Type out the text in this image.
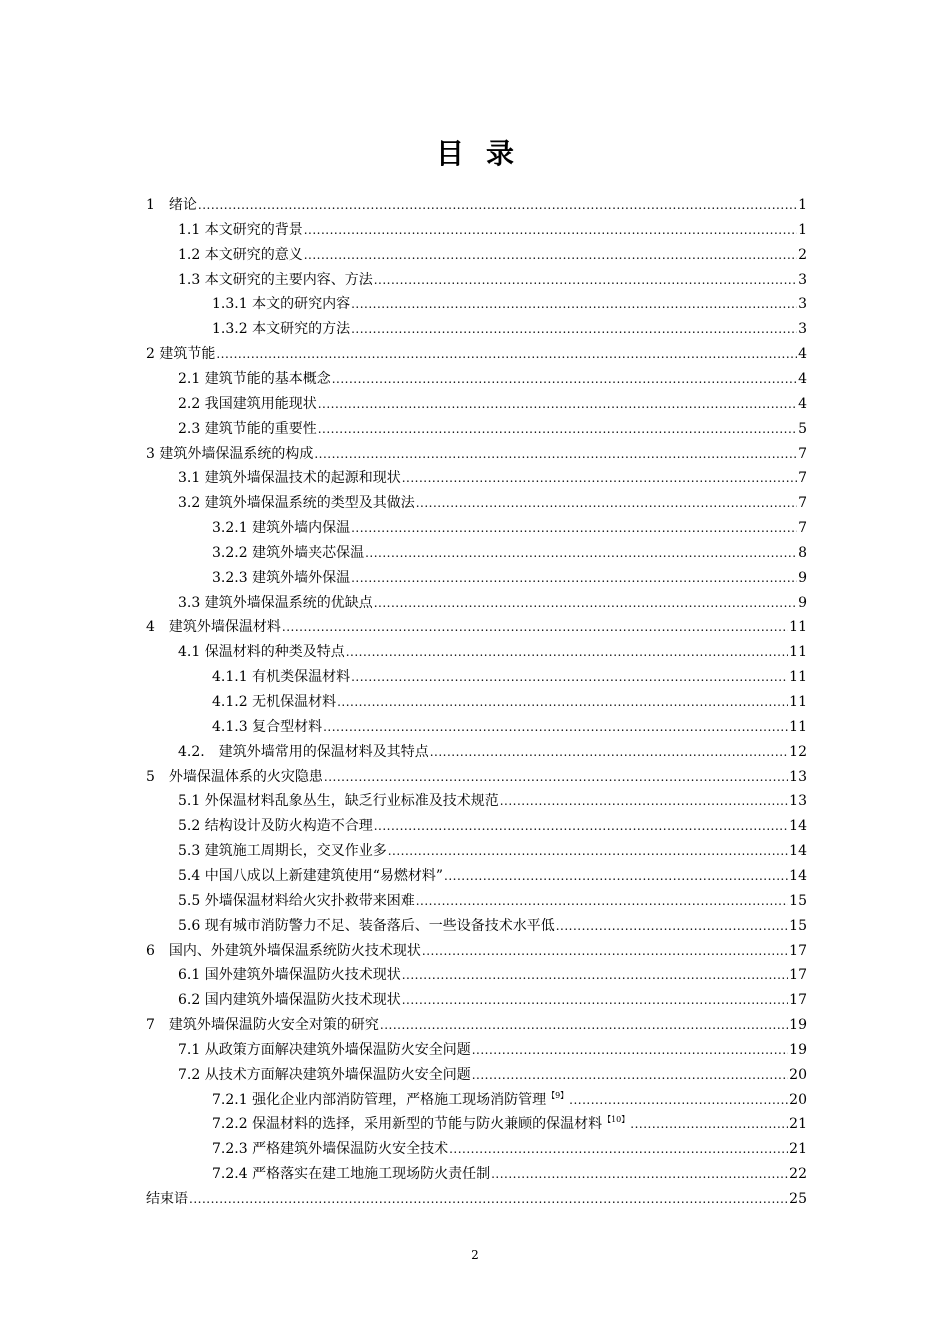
目录
1　绪论 .....	1
1.1 本文研究的背景 .....	1
1.2 本文研究的意义 .....	2
1.3 本文研究的主要内容、方法 .....	3
1.3.1 本文的研究内容 .....	3
1.3.2 本文研究的方法 .....	3
2 建筑节能 .....	4
2.1 建筑节能的基本概念 .....	4
2.2 我国建筑用能现状 .....	4
2.3 建筑节能的重要性 .....	5
3 建筑外墙保温系统的构成 .....	7
3.1 建筑外墙保温技术的起源和现状 .....	7
3.2 建筑外墙保温系统的类型及其做法 .....	7
3.2.1 建筑外墙内保温 .....	7
3.2.2 建筑外墙夹芯保温 .....	8
3.2.3 建筑外墙外保温 .....	9
3.3 建筑外墙保温系统的优缺点 .....	9
4　建筑外墙保温材料 .....	11
4.1 保温材料的种类及特点 .....	11
4.1.1 有机类保温材料 .....	11
4.1.2 无机保温材料 .....	11
4.1.3 复合型材料 .....	11
4.2.　建筑外墙常用的保温材料及其特点 .....	12
5　外墙保温体系的火灾隐患 .....	13
5.1 外保温材料乱象丛生，缺乏行业标准及技术规范 .....	13
5.2 结构设计及防火构造不合理 .....	14
5.3 建筑施工周期长，交叉作业多 .....	14
5.4 中国八成以上新建建筑使用“易燃材料” .....	14
5.5 外墙保温材料给火灾扑救带来困难 .....	15
5.6 现有城市消防警力不足、装备落后、一些设备技术水平低 .....	15
6　国内、外建筑外墙保温系统防火技术现状 .....	17
6.1 国外建筑外墙保温防火技术现状 .....	17
6.2 国内建筑外墙保温防火技术现状 .....	17
7　建筑外墙保温防火安全对策的研究 .....	19
7.1 从政策方面解决建筑外墙保温防火安全问题 .....	19
7.2 从技术方面解决建筑外墙保温防火安全问题 .....	20
7.2.1 强化企业内部消防管理，严格施工现场消防管理$^{【9】}$ .....	20
7.2.2 保温材料的选择，采用新型的节能与防火兼顾的保温材料$^{【10】}$ .....	21
7.2.3 严格建筑外墙保温防火安全技术 .....	21
7.2.4 严格落实在建工地施工现场防火责任制 .....	22
结束语 .....	25
2
